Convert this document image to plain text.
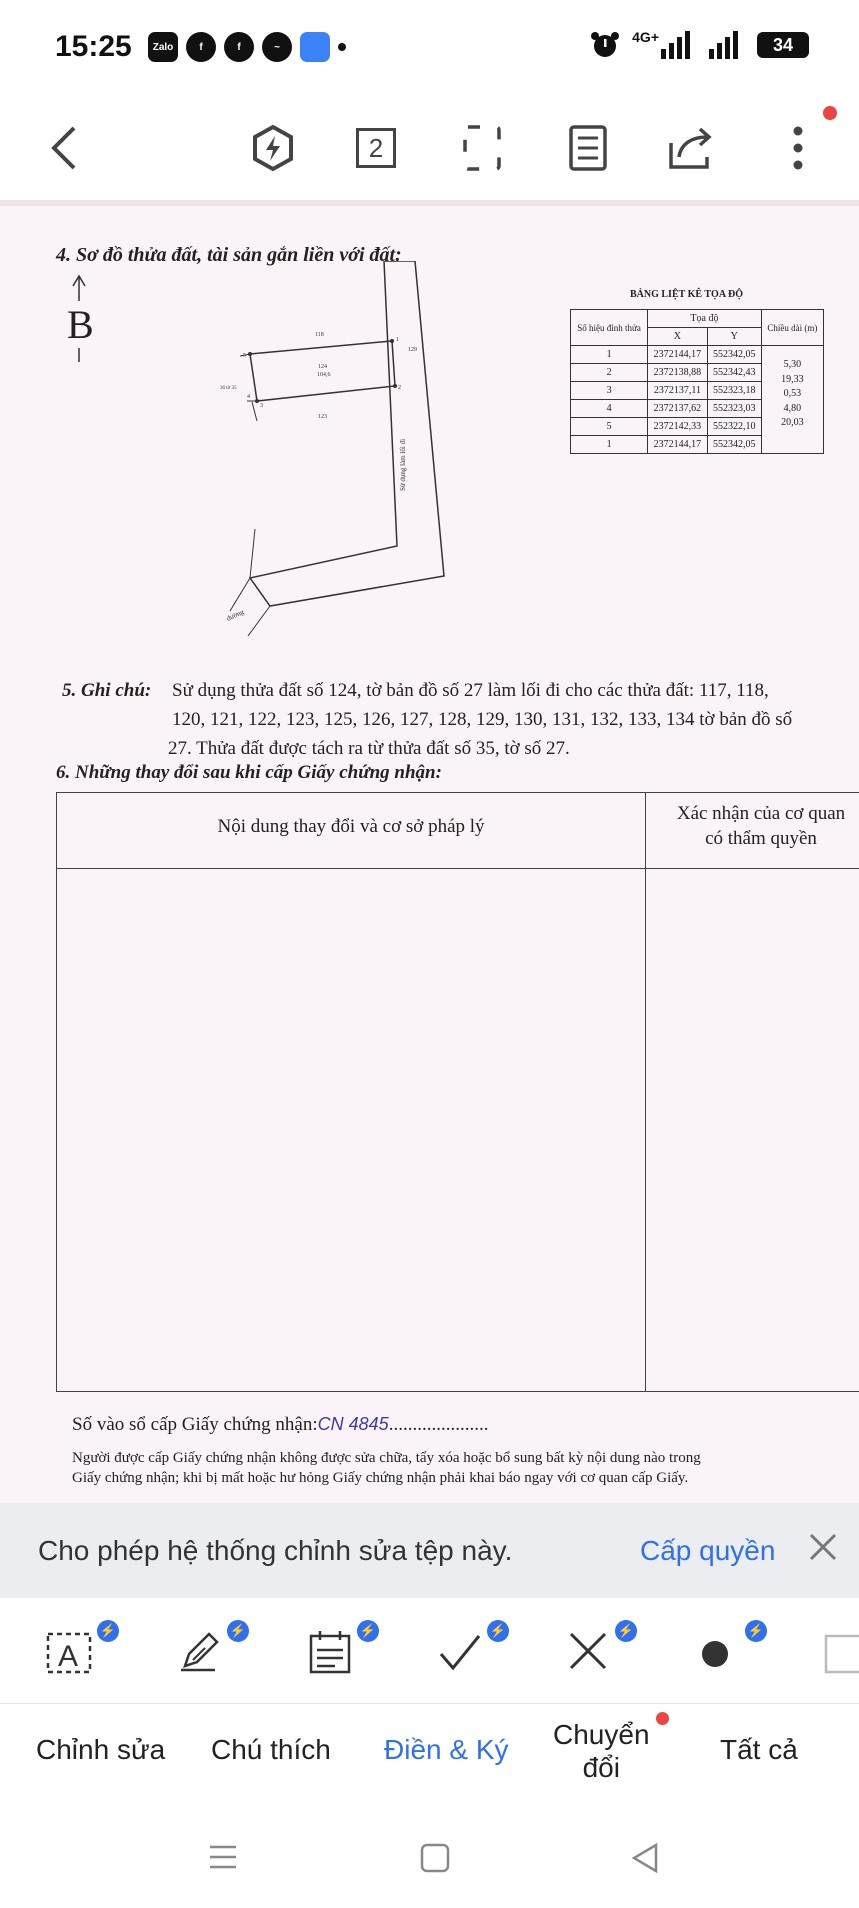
15:25	Zalo	f	f	~
4G+	34
2
4. Sơ đồ thửa đất, tài sản gắn liền với đất:
B	118
124
104,6
123
129
36 tờ 35
Sử dụng làm lối đi
đường
1
2
3
4
5
BẢNG LIỆT KÊ TỌA ĐỘ
Số hiệu đỉnh thửa	Tọa độ		Chiều dài (m)
	X	Y	
1	2372144,17	552342,05	5,30
19,33
0,53
4,80
20,03

2	2372138,88	552342,43	
3	2372137,11	552323,18	
4	2372137,62	552323,03	
5	2372142,33	552322,10	
1	2372144,17	552342,05	
5. Ghi chú: Sử dụng thửa đất số 124, tờ bản đồ số 27 làm lối đi cho các thửa đất: 117, 118,
120, 121, 122, 123, 125, 126, 127, 128, 129, 130, 131, 132, 133, 134 tờ bản đồ số
27. Thửa đất được tách ra từ thửa đất số 35, tờ số 27.
6. Những thay đổi sau khi cấp Giấy chứng nhận:
Nội dung thay đổi và cơ sở pháp lý
Xác nhận của cơ quan
có thẩm quyền
Số vào sổ cấp Giấy chứng nhận:CN 4845.....................
Người được cấp Giấy chứng nhận không được sửa chữa, tẩy xóa hoặc bổ sung bất kỳ nội dung nào trong
Giấy chứng nhận; khi bị mất hoặc hư hỏng Giấy chứng nhận phải khai báo ngay với cơ quan cấp Giấy.
Cho phép hệ thống chỉnh sửa tệp này.	Cấp quyền
A
⚡	⚡	⚡	⚡	⚡	⚡
Chỉnh sửa Chú thích Điền & Ký Chuyển
đổi
Tất cả
